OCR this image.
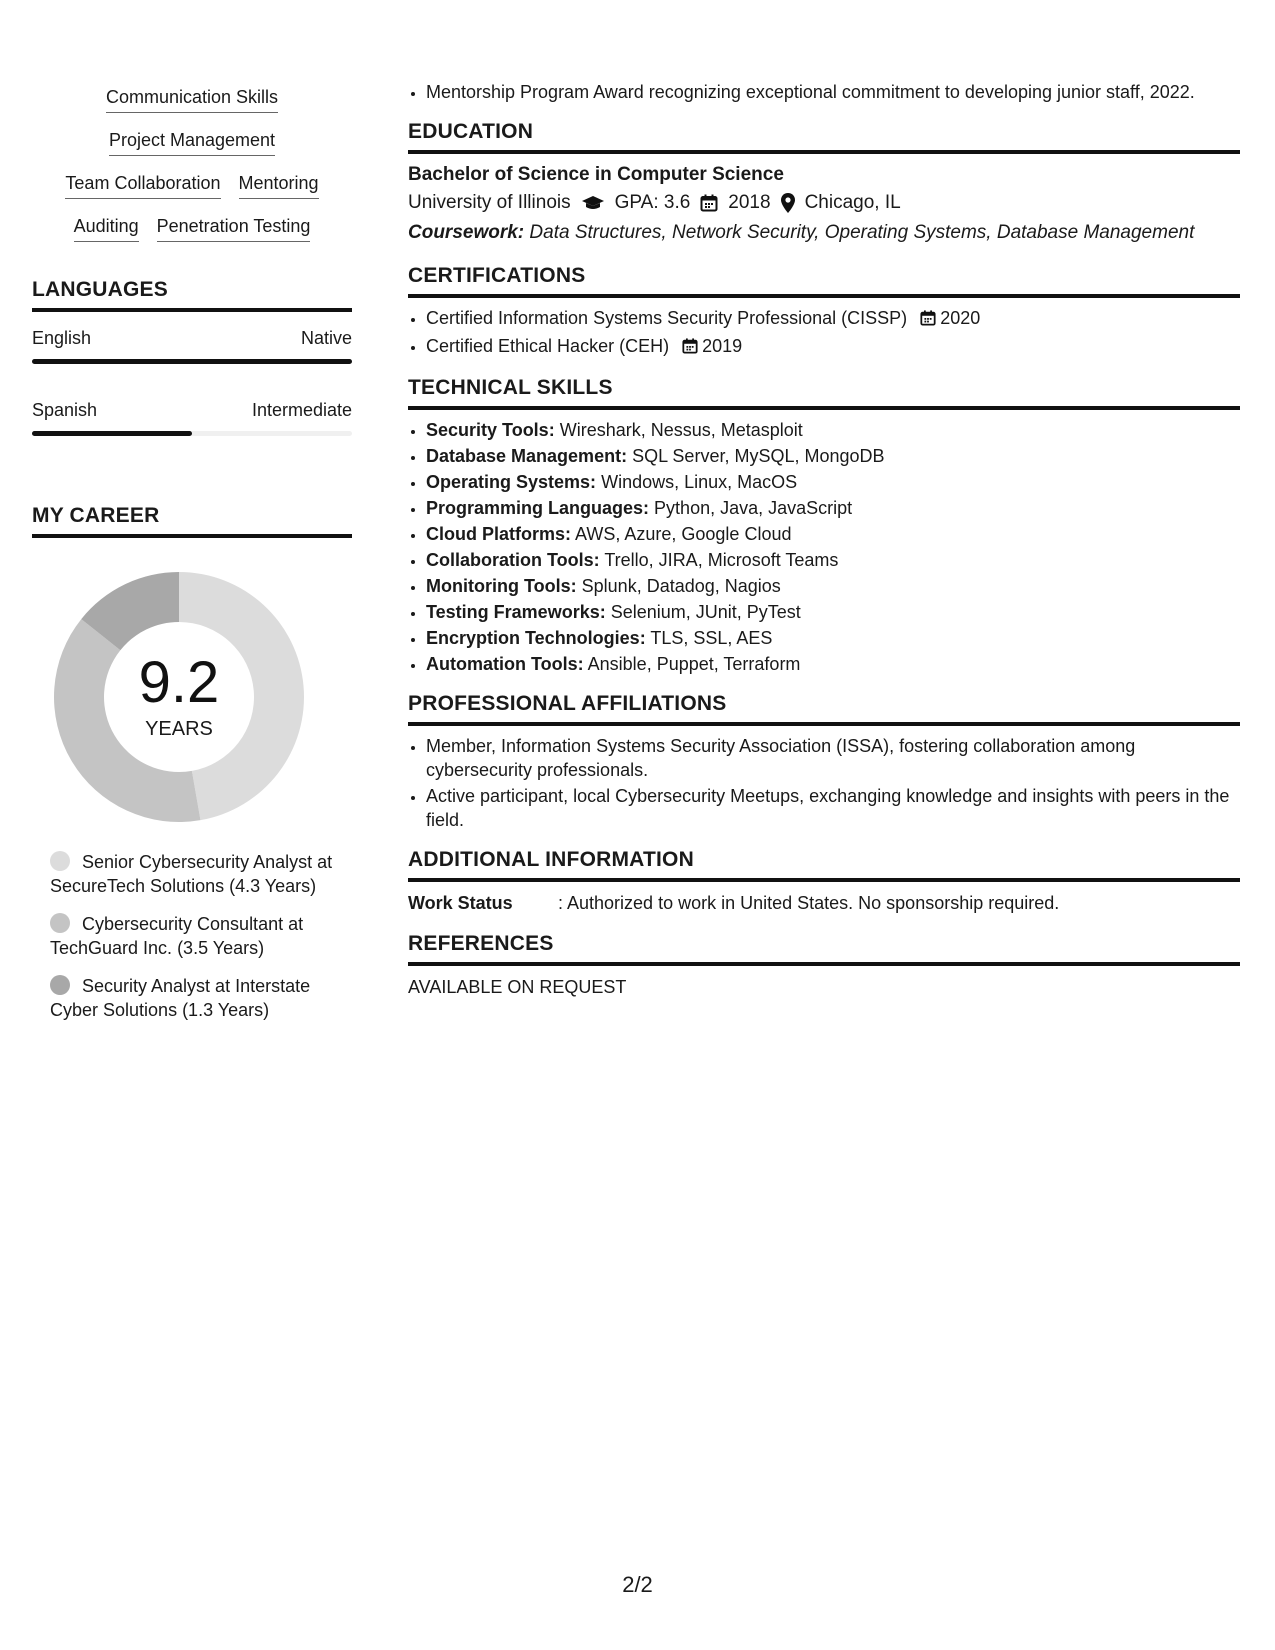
Communication Skills
Project Management
Team Collaboration Mentoring
Auditing Penetration Testing
LANGUAGES
English	Native
Spanish	Intermediate
MY CAREER
9.2
YEARS
Senior Cybersecurity Analyst at SecureTech Solutions (4.3 Years)
Cybersecurity Consultant at TechGuard Inc. (3.5 Years)
Security Analyst at Interstate Cyber Solutions (1.3 Years)
• Mentorship Program Award recognizing exceptional commitment to developing junior staff, 2022.
EDUCATION
Bachelor of Science in Computer Science
University of Illinois GPA: 3.6 2018 Chicago, IL
Coursework: Data Structures, Network Security, Operating Systems, Database Management
CERTIFICATIONS
• Certified Information Systems Security Professional (CISSP) 2020
• Certified Ethical Hacker (CEH) 2019
TECHNICAL SKILLS
• Security Tools: Wireshark, Nessus, Metasploit
• Database Management: SQL Server, MySQL, MongoDB
• Operating Systems: Windows, Linux, MacOS
• Programming Languages: Python, Java, JavaScript
• Cloud Platforms: AWS, Azure, Google Cloud
• Collaboration Tools: Trello, JIRA, Microsoft Teams
• Monitoring Tools: Splunk, Datadog, Nagios
• Testing Frameworks: Selenium, JUnit, PyTest
• Encryption Technologies: TLS, SSL, AES
• Automation Tools: Ansible, Puppet, Terraform
PROFESSIONAL AFFILIATIONS
• Member, Information Systems Security Association (ISSA), fostering collaboration among cybersecurity professionals.
• Active participant, local Cybersecurity Meetups, exchanging knowledge and insights with peers in the field.
ADDITIONAL INFORMATION
Work Status	: Authorized to work in United States. No sponsorship required.
REFERENCES
AVAILABLE ON REQUEST
2/2
